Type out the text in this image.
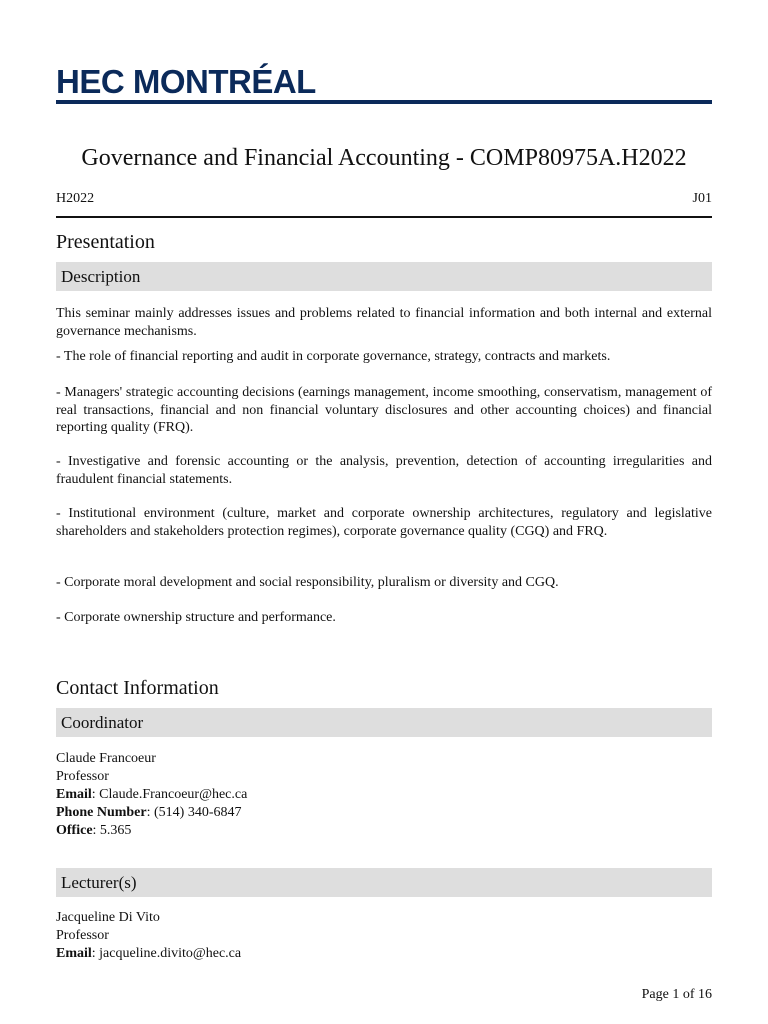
HEC MONTRÉAL
Governance and Financial Accounting - COMP80975A.H2022
H2022	J01
Presentation
Description

This seminar mainly addresses issues and problems related to financial information and both internal and external governance mechanisms.

- The role of financial reporting and audit in corporate governance, strategy, contracts and markets.

- Managers' strategic accounting decisions (earnings management, income smoothing, conservatism, management of real transactions, financial and non financial voluntary disclosures and other accounting choices) and financial reporting quality (FRQ).

- Investigative and forensic accounting or the analysis, prevention, detection of accounting irregularities and fraudulent financial statements.

- Institutional environment (culture, market and corporate ownership architectures, regulatory and legislative shareholders and stakeholders protection regimes), corporate governance quality (CGQ) and FRQ.

- Corporate moral development and social responsibility, pluralism or diversity and CGQ.

- Corporate ownership structure and performance.

Contact Information
Coordinator
Claude Francoeur
Professor
Email: Claude.Francoeur@hec.ca
Phone Number: (514) 340-6847
Office: 5.365
Lecturer(s)
Jacqueline Di Vito
Professor
Email: jacqueline.divito@hec.ca
Page 1 of 16
